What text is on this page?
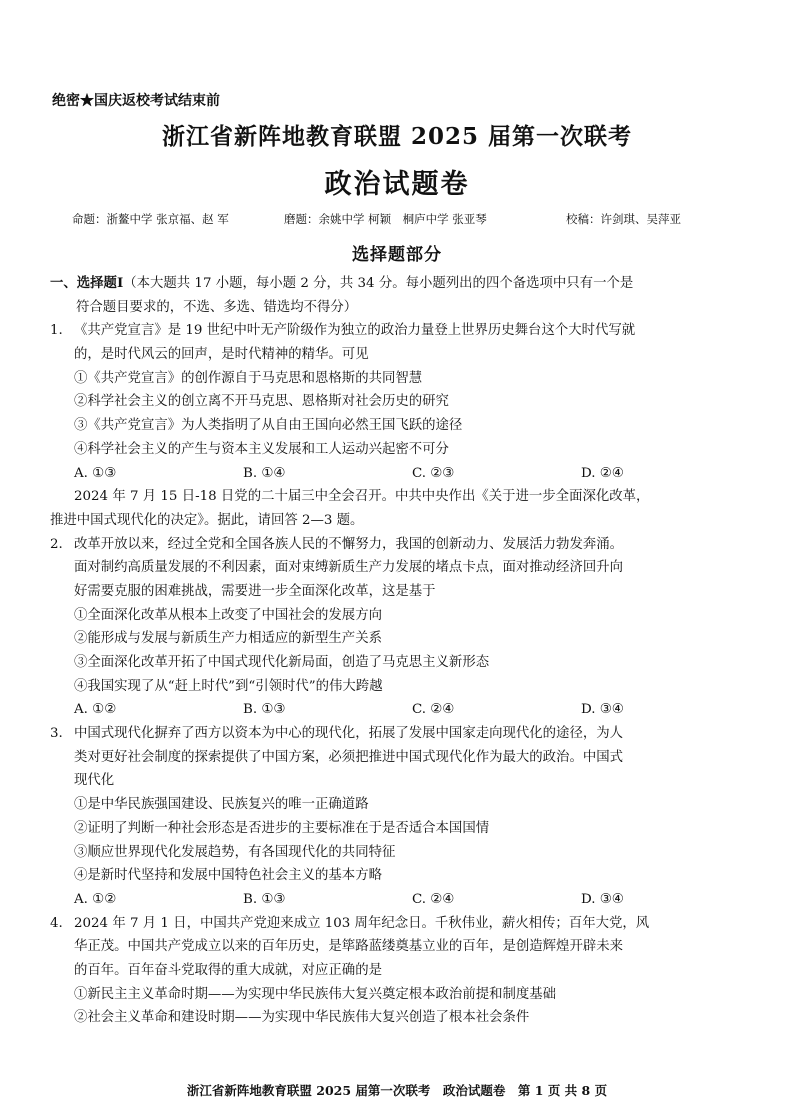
绝密★国庆返校考试结束前
浙江省新阵地教育联盟 2025 届第一次联考
政治试题卷
命题：浙鳌中学 张京福、赵 军	磨题：余姚中学 柯颖　桐庐中学 张亚琴	校稿：许剑琪、吴萍亚
选择题部分
一、选择题Ⅰ（本大题共 17 小题，每小题 2 分，共 34 分。每小题列出的四个备选项中只有一个是
符合题目要求的，不选、多选、错选均不得分）
1. 《共产党宣言》是 19 世纪中叶无产阶级作为独立的政治力量登上世界历史舞台这个大时代写就
的，是时代风云的回声，是时代精神的精华。可见
①《共产党宣言》的创作源自于马克思和恩格斯的共同智慧
②科学社会主义的创立离不开马克思、恩格斯对社会历史的研究
③《共产党宣言》为人类指明了从自由王国向必然王国飞跃的途径
④科学社会主义的产生与资本主义发展和工人运动兴起密不可分
A. ①③	B. ①④	C. ②③	D. ②④
2024 年 7 月 15 日-18 日党的二十届三中全会召开。中共中央作出《关于进一步全面深化改革，
推进中国式现代化的决定》。据此，请回答 2—3 题。
2. 改革开放以来，经过全党和全国各族人民的不懈努力，我国的创新动力、发展活力勃发奔涌。
面对制约高质量发展的不利因素，面对束缚新质生产力发展的堵点卡点，面对推动经济回升向
好需要克服的困难挑战，需要进一步全面深化改革，这是基于
①全面深化改革从根本上改变了中国社会的发展方向
②能形成与发展与新质生产力相适应的新型生产关系
③全面深化改革开拓了中国式现代化新局面，创造了马克思主义新形态
④我国实现了从“赶上时代”到“引领时代”的伟大跨越
A. ①②	B. ①③	C. ②④	D. ③④
3. 中国式现代化摒弃了西方以资本为中心的现代化，拓展了发展中国家走向现代化的途径，为人
类对更好社会制度的探索提供了中国方案，必须把推进中国式现代化作为最大的政治。中国式
现代化
①是中华民族强国建设、民族复兴的唯一正确道路
②证明了判断一种社会形态是否进步的主要标准在于是否适合本国国情
③顺应世界现代化发展趋势，有各国现代化的共同特征
④是新时代坚持和发展中国特色社会主义的基本方略
A. ①②	B. ①③	C. ②④	D. ③④
4. 2024 年 7 月 1 日，中国共产党迎来成立 103 周年纪念日。千秋伟业，薪火相传；百年大党，风
华正茂。中国共产党成立以来的百年历史，是筚路蓝缕奠基立业的百年，是创造辉煌开辟未来
的百年。百年奋斗党取得的重大成就，对应正确的是
①新民主主义革命时期——为实现中华民族伟大复兴奠定根本政治前提和制度基础
②社会主义革命和建设时期——为实现中华民族伟大复兴创造了根本社会条件
浙江省新阵地教育联盟 2025 届第一次联考　政治试题卷　第 1 页 共 8 页
